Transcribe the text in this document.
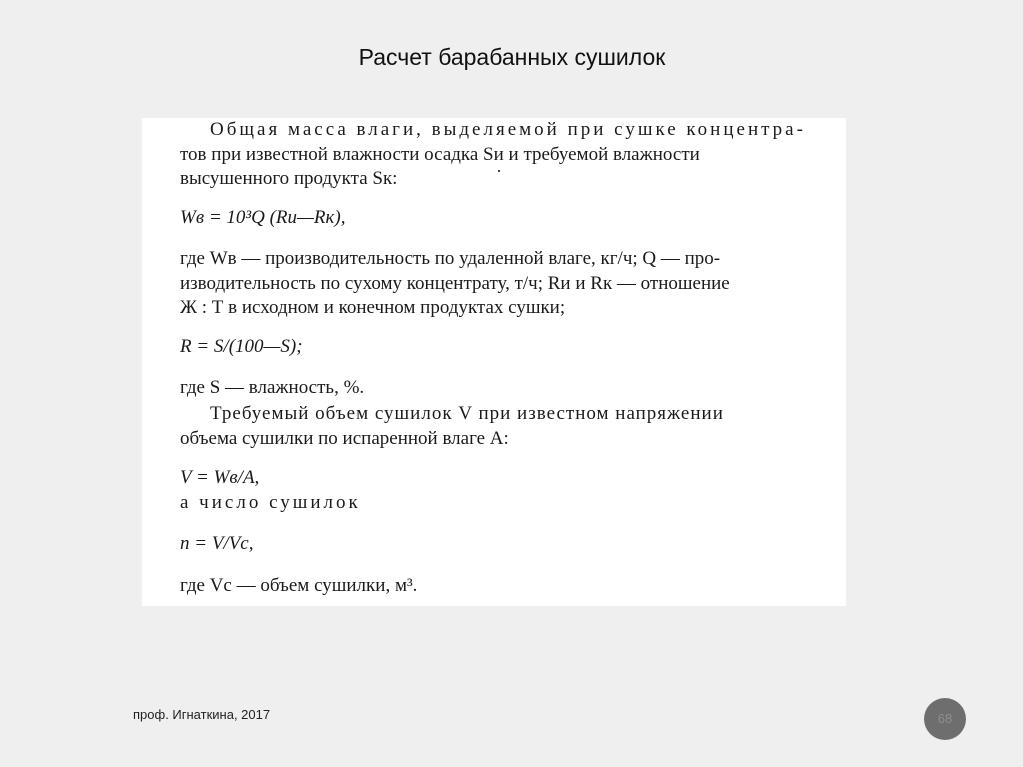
Расчет барабанных сушилок
Общая масса влаги, выделяемой при сушке концентра-
тов при известной влажности осадка Sи и требуемой влажности
высушенного продукта Sк:
Wв = 10³Q (Rи—Rк),
где Wв — производительность по удаленной влаге, кг/ч; Q — про-
изводительность по сухому концентрату, т/ч; Rи и Rк — отношение
Ж : Т в исходном и конечном продуктах сушки;
R = S/(100—S);
где S — влажность, %.
Требуемый объем сушилок V при известном напряжении
объема сушилки по испаренной влаге A:
V = Wв/A,
а число сушилок
n = V/Vc,
где Vc — объем сушилки, м³.
проф. Игнаткина, 2017	68
